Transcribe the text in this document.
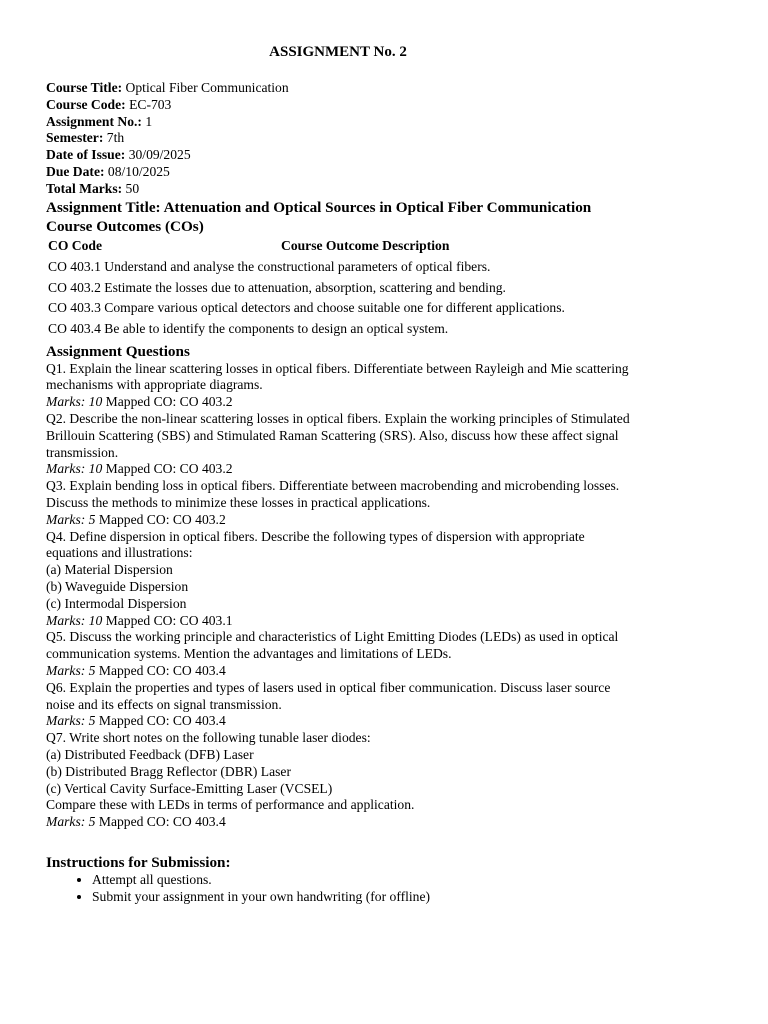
ASSIGNMENT No. 2
Course Title: Optical Fiber Communication
Course Code: EC-703
Assignment No.: 1
Semester: 7th
Date of Issue: 30/09/2025
Due Date: 08/10/2025
Total Marks: 50
Assignment Title: Attenuation and Optical Sources in Optical Fiber Communication
Course Outcomes (COs)
CO Code	Course Outcome Description
CO 403.1 Understand and analyse the constructional parameters of optical fibers.
CO 403.2 Estimate the losses due to attenuation, absorption, scattering and bending.
CO 403.3 Compare various optical detectors and choose suitable one for different applications.
CO 403.4 Be able to identify the components to design an optical system.
Assignment Questions
Q1. Explain the linear scattering losses in optical fibers. Differentiate between Rayleigh and Mie scattering
mechanisms with appropriate diagrams.
Marks: 10 Mapped CO: CO 403.2
Q2. Describe the non-linear scattering losses in optical fibers. Explain the working principles of Stimulated
Brillouin Scattering (SBS) and Stimulated Raman Scattering (SRS). Also, discuss how these affect signal
transmission.
Marks: 10 Mapped CO: CO 403.2
Q3. Explain bending loss in optical fibers. Differentiate between macrobending and microbending losses.
Discuss the methods to minimize these losses in practical applications.
Marks: 5 Mapped CO: CO 403.2
Q4. Define dispersion in optical fibers. Describe the following types of dispersion with appropriate
equations and illustrations:
(a) Material Dispersion
(b) Waveguide Dispersion
(c) Intermodal Dispersion
Marks: 10 Mapped CO: CO 403.1
Q5. Discuss the working principle and characteristics of Light Emitting Diodes (LEDs) as used in optical
communication systems. Mention the advantages and limitations of LEDs.
Marks: 5 Mapped CO: CO 403.4
Q6. Explain the properties and types of lasers used in optical fiber communication. Discuss laser source
noise and its effects on signal transmission.
Marks: 5 Mapped CO: CO 403.4
Q7. Write short notes on the following tunable laser diodes:
(a) Distributed Feedback (DFB) Laser
(b) Distributed Bragg Reflector (DBR) Laser
(c) Vertical Cavity Surface-Emitting Laser (VCSEL)
Compare these with LEDs in terms of performance and application.
Marks: 5 Mapped CO: CO 403.4
Instructions for Submission:
• Attempt all questions.
• Submit your assignment in your own handwriting (for offline)
